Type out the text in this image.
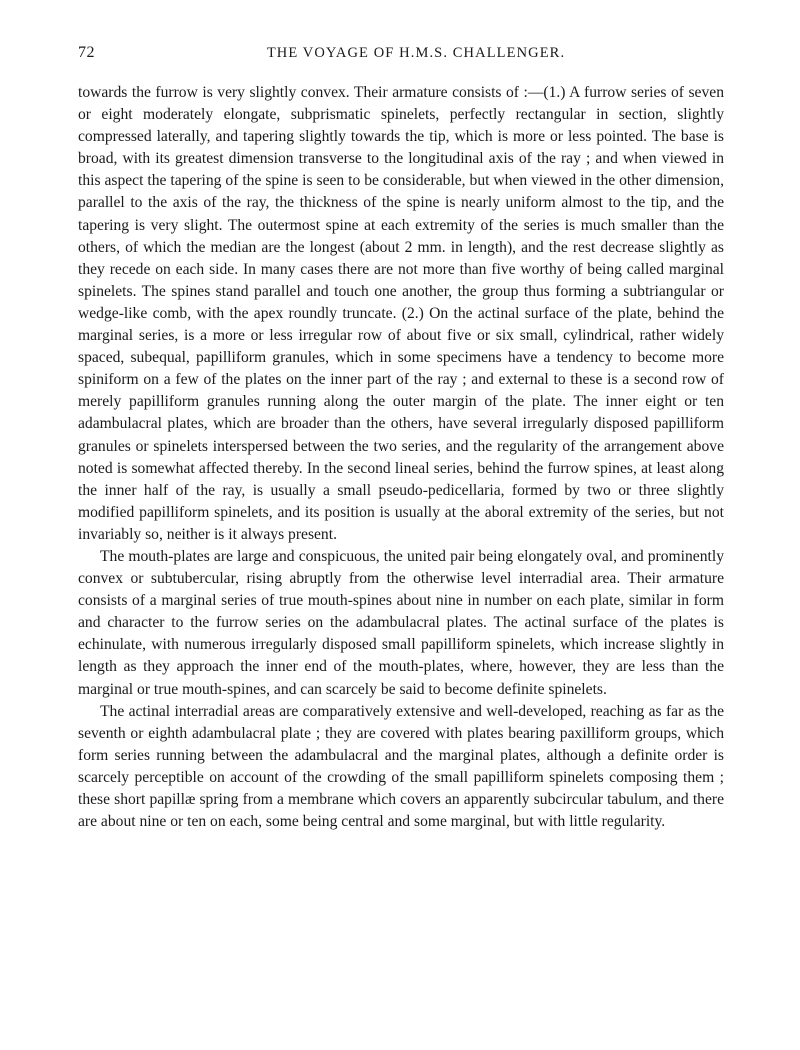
72	THE VOYAGE OF H.M.S. CHALLENGER.

towards the furrow is very slightly convex. Their armature consists of :—(1.) A furrow series of seven or eight moderately elongate, subprismatic spinelets, perfectly rectangular in section, slightly compressed laterally, and tapering slightly towards the tip, which is more or less pointed. The base is broad, with its greatest dimension transverse to the longitudinal axis of the ray ; and when viewed in this aspect the tapering of the spine is seen to be considerable, but when viewed in the other dimension, parallel to the axis of the ray, the thickness of the spine is nearly uniform almost to the tip, and the tapering is very slight. The outermost spine at each extremity of the series is much smaller than the others, of which the median are the longest (about 2 mm. in length), and the rest decrease slightly as they recede on each side. In many cases there are not more than five worthy of being called marginal spinelets. The spines stand parallel and touch one another, the group thus forming a subtriangular or wedge-like comb, with the apex roundly truncate. (2.) On the actinal surface of the plate, behind the marginal series, is a more or less irregular row of about five or six small, cylindrical, rather widely spaced, subequal, papilliform granules, which in some specimens have a tendency to become more spiniform on a few of the plates on the inner part of the ray ; and external to these is a second row of merely papilliform granules running along the outer margin of the plate. The inner eight or ten adambulacral plates, which are broader than the others, have several irregularly disposed papilliform granules or spinelets interspersed between the two series, and the regularity of the arrangement above noted is somewhat affected thereby. In the second lineal series, behind the furrow spines, at least along the inner half of the ray, is usually a small pseudo-pedicellaria, formed by two or three slightly modified papilliform spinelets, and its position is usually at the aboral extremity of the series, but not invariably so, neither is it always present.

The mouth-plates are large and conspicuous, the united pair being elongately oval, and prominently convex or subtubercular, rising abruptly from the otherwise level interradial area. Their armature consists of a marginal series of true mouth-spines about nine in number on each plate, similar in form and character to the furrow series on the adambulacral plates. The actinal surface of the plates is echinulate, with numerous irregularly disposed small papilliform spinelets, which increase slightly in length as they approach the inner end of the mouth-plates, where, however, they are less than the marginal or true mouth-spines, and can scarcely be said to become definite spinelets.

The actinal interradial areas are comparatively extensive and well-developed, reaching as far as the seventh or eighth adambulacral plate ; they are covered with plates bearing paxilliform groups, which form series running between the adambulacral and the marginal plates, although a definite order is scarcely perceptible on account of the crowding of the small papilliform spinelets composing them ; these short papillæ spring from a membrane which covers an apparently subcircular tabulum, and there are about nine or ten on each, some being central and some marginal, but with little regularity.
